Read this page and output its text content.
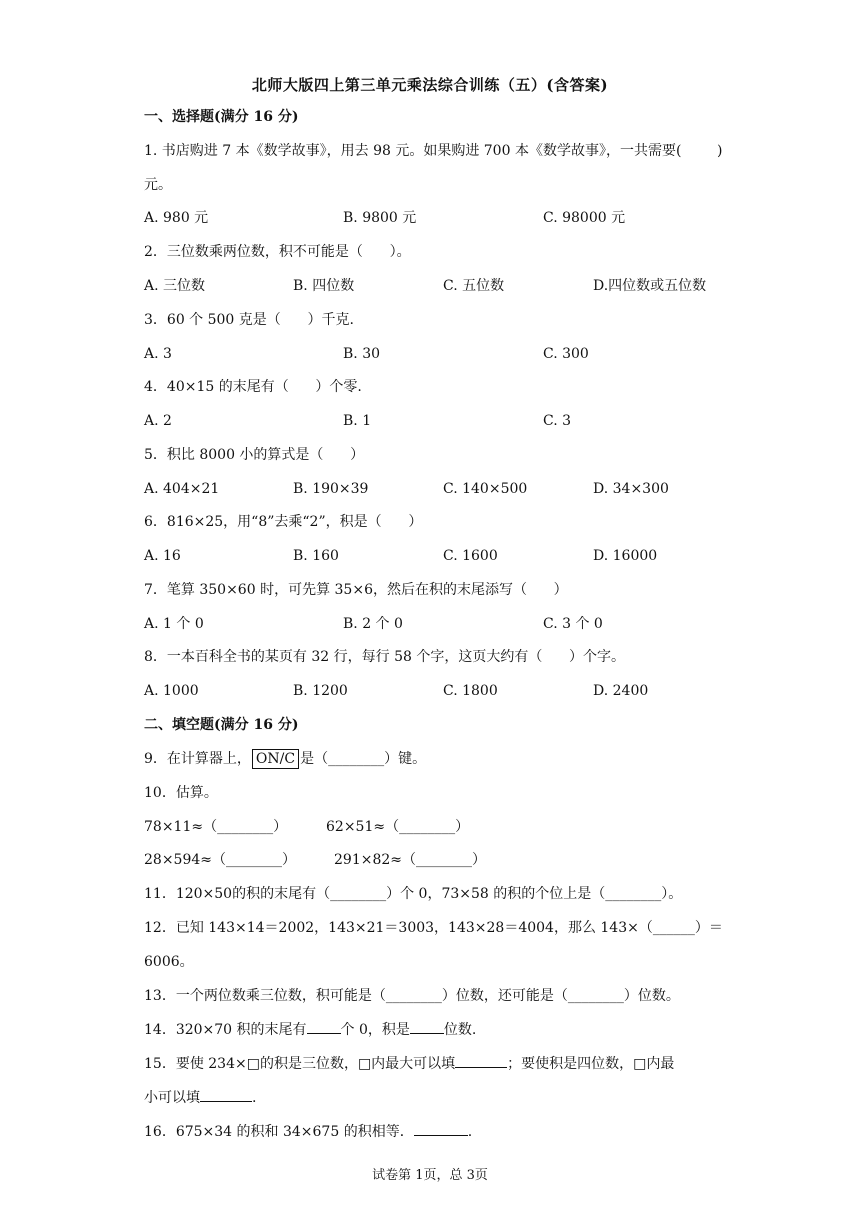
北师大版四上第三单元乘法综合训练（五）(含答案)
一、选择题(满分 16 分)
1. 书店购进 7 本《数学故事》，用去 98 元。如果购进 700 本《数学故事》，一共需要(        )
元。
A. 980 元	B. 9800 元	C. 98000 元
2．三位数乘两位数，积不可能是（      ）。
A. 三位数	B. 四位数	C. 五位数	D.四位数或五位数
3．60 个 500 克是（      ）千克.
A. 3	B. 30	C. 300
4．40×15 的末尾有（      ）个零.
A. 2	B. 1	C. 3
5．积比 8000 小的算式是（      ）
A. 404×21	B. 190×39	C. 140×500	D. 34×300
6．816×25，用“8”去乘“2”，积是（      ）
A. 16	B. 160	C. 1600	D. 16000
7．笔算 350×60 时，可先算 35×6，然后在积的末尾添写（      ）
A. 1 个 0	B. 2 个 0	C. 3 个 0
8．一本百科全书的某页有 32 行，每行 58 个字，这页大约有（      ）个字。
A. 1000	B. 1200	C. 1800	D. 2400
二、填空题(满分 16 分)
9．在计算器上， ON/C 是（________）键。
10．估算。
78×11≈（________）	62×51≈（________）
28×594≈（________）	291×82≈（________）
11．120×50的积的末尾有（________）个 0，73×58 的积的个位上是（________）。
12．已知 143×14＝2002，143×21＝3003，143×28＝4004，那么 143×（______）＝
6006。
13．一个两位数乘三位数，积可能是（________）位数，还可能是（________）位数。
14．320×70 积的末尾有 个 0，积是 位数.
15．要使 234×□的积是三位数，□内最大可以填	；要使积是四位数，□内最
小可以填	.
16．675×34 的积和 34×675 的积相等．	.
试卷第 1页，总 3页
